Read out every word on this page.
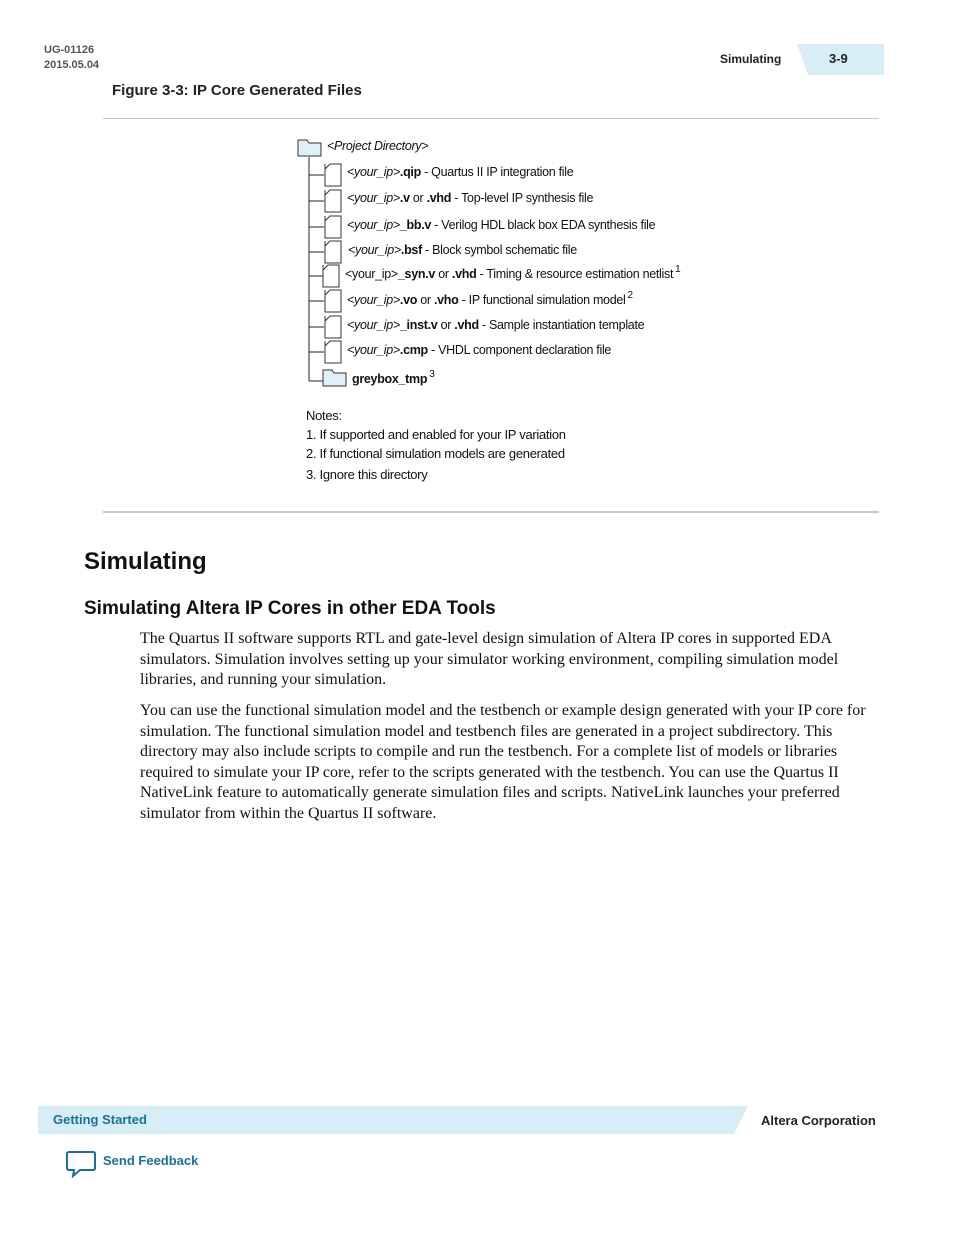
UG-01126
2015.05.04	Simulating	3-9
Figure 3-3: IP Core Generated Files
<Project Directory>
<your_ip>.qip - Quartus II IP integration file
<your_ip>.v or .vhd - Top-level IP synthesis file
<your_ip>_bb.v - Verilog HDL black box EDA synthesis file
<your_ip>.bsf - Block symbol schematic file
<your_ip>_syn.v or .vhd - Timing & resource estimation netlist $^1$
<your_ip>.vo or .vho - IP functional simulation model $^2$
<your_ip>_inst.v or .vhd - Sample instantiation template
<your_ip>.cmp - VHDL component declaration file
greybox_tmp $^3$
Notes:
1. If supported and enabled for your IP variation
2. If functional simulation models are generated
3. Ignore this directory
Simulating
Simulating Altera IP Cores in other EDA Tools

The Quartus II software supports RTL and gate-level design simulation of Altera IP cores in supported EDA simulators. Simulation involves setting up your simulator working environment, compiling simulation model libraries, and running your simulation.

You can use the functional simulation model and the testbench or example design generated with your IP core for simulation. The functional simulation model and testbench files are generated in a project subdirectory. This directory may also include scripts to compile and run the testbench. For a complete list of models or libraries required to simulate your IP core, refer to the scripts generated with the testbench. You can use the Quartus II NativeLink feature to automatically generate simulation files and scripts. NativeLink launches your preferred simulator from within the Quartus II software.

Getting Started	Altera Corporation
Send Feedback
